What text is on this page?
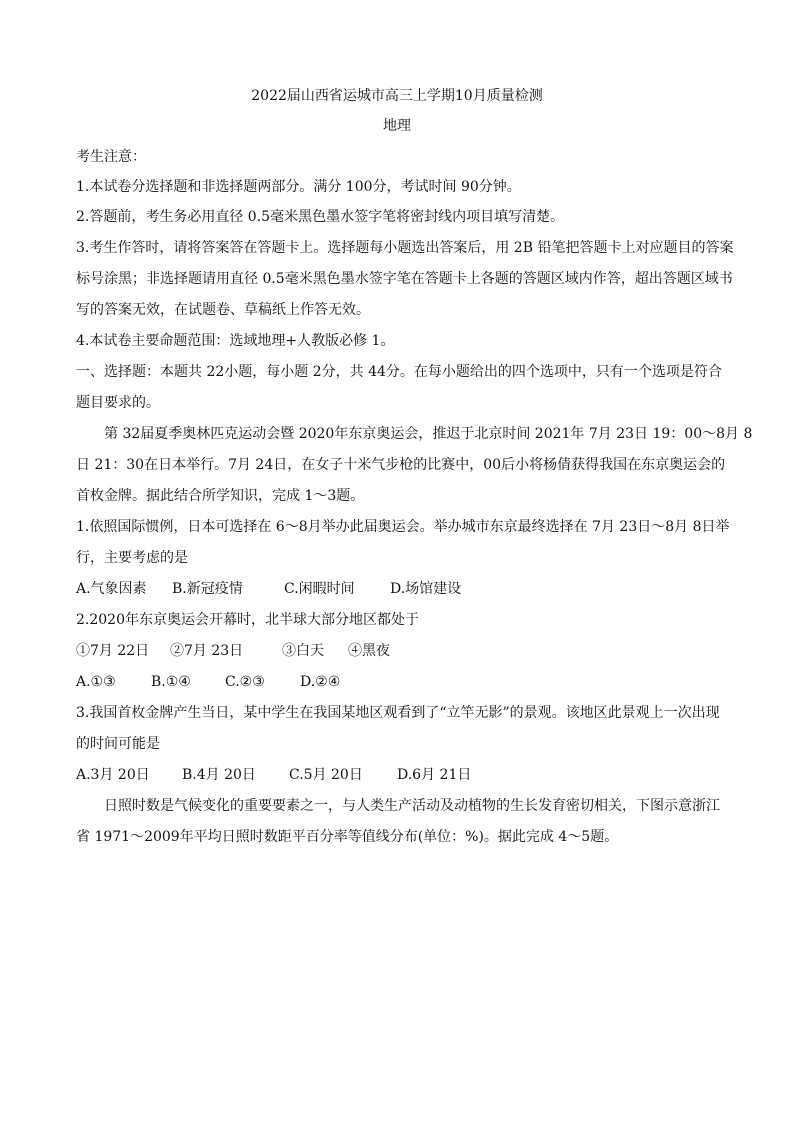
2022届山西省运城市高三上学期10月质量检测
地理
考生注意：
1.本试卷分选择题和非选择题两部分。满分 100分，考试时间 90分钟。
2.答题前，考生务必用直径 0.5毫米黑色墨水签字笔将密封线内项目填写清楚。
3.考生作答时，请将答案答在答题卡上。选择题每小题选出答案后，用 2B 铅笔把答题卡上对应题目的答案
标号涂黑；非选择题请用直径 0.5毫米黑色墨水签字笔在答题卡上各题的答题区域内作答，超出答题区域书
写的答案无效，在试题卷、草稿纸上作答无效。
4.本试卷主要命题范围：选域地理+人教版必修 1。
一、选择题：本题共 22小题，每小题 2分，共 44分。在每小题给出的四个选项中，只有一个选项是符合
题目要求的。
第 32届夏季奥林匹克运动会暨 2020年东京奥运会，推迟于北京时间 2021年 7月 23日 19：00～8月 8
日 21：30在日本举行。7月 24日，在女子十米气步枪的比赛中，00后小将杨倩获得我国在东京奥运会的
首枚金牌。据此结合所学知识，完成 1～3题。
1.依照国际惯例，日本可选择在 6～8月举办此届奥运会。举办城市东京最终选择在 7月 23日～8月 8日举
行，主要考虑的是
A.气象因素	B.新冠疫情	C.闲暇时间	D.场馆建设
2.2020年东京奥运会开幕时，北半球大部分地区都处于
①7月 22日	②7月 23日	③白天	④黑夜
A.①③	B.①④	C.②③	D.②④
3.我国首枚金牌产生当日，某中学生在我国某地区观看到了“立竿无影”的景观。该地区此景观上一次出现
的时间可能是
A.3月 20日	B.4月 20日	C.5月 20日	D.6月 21日
日照时数是气候变化的重要要素之一，与人类生产活动及动植物的生长发育密切相关，下图示意浙江
省 1971～2009年平均日照时数距平百分率等值线分布(单位：%)。据此完成 4～5题。
